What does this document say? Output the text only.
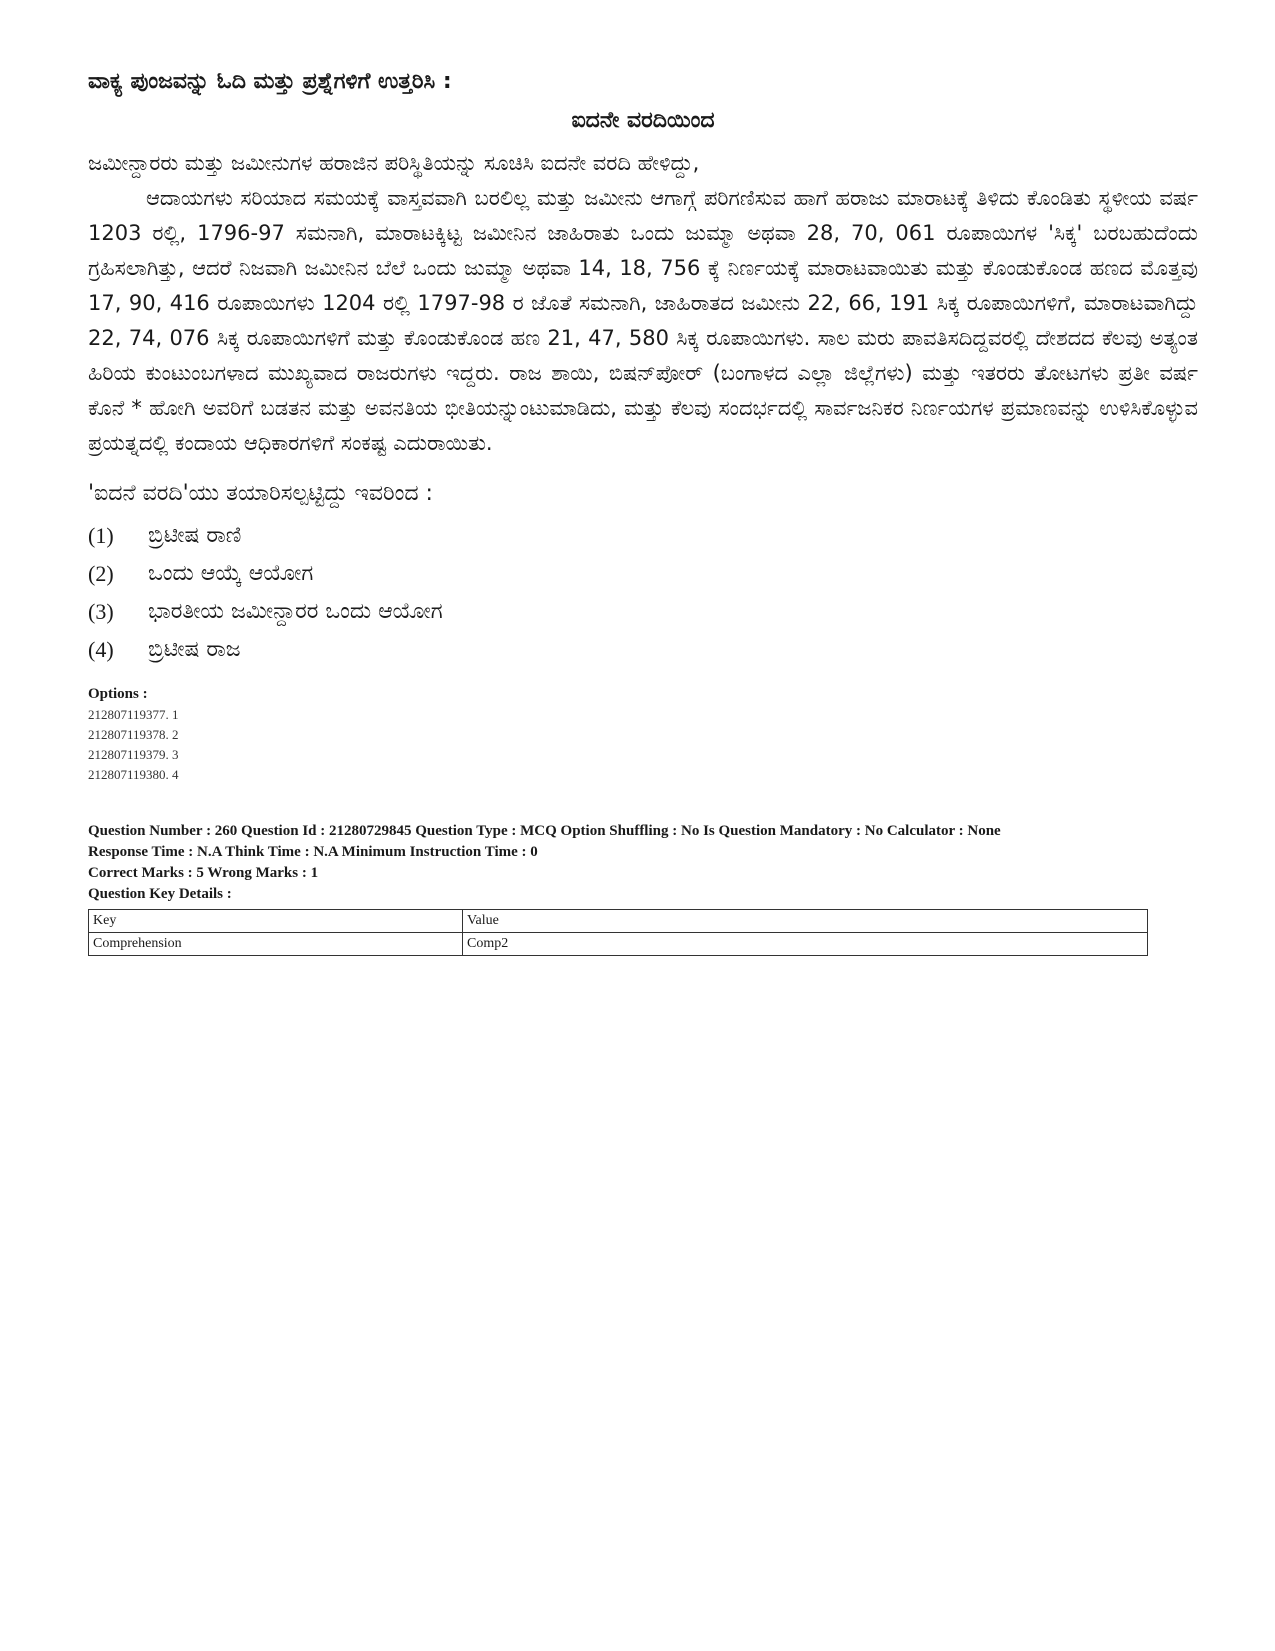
ವಾಕ್ಯ ಪುಂಜವನ್ನು ಓದಿ ಮತ್ತು ಪ್ರಶ್ನೆಗಳಿಗೆ ಉತ್ತರಿಸಿ :

ಐದನೇ ವರದಿಯಿಂದ

ಜಮೀನ್ದಾರರು ಮತ್ತು ಜಮೀನುಗಳ ಹರಾಜಿನ ಪರಿಸ್ಥಿತಿಯನ್ನು ಸೂಚಿಸಿ ಐದನೇ ವರದಿ ಹೇಳಿದ್ದು,

ಆದಾಯಗಳು ಸರಿಯಾದ ಸಮಯಕ್ಕೆ ವಾಸ್ತವವಾಗಿ ಬರಲಿಲ್ಲ ಮತ್ತು ಜಮೀನು ಆಗಾಗ್ಗೆ ಪರಿಗಣಿಸುವ ಹಾಗೆ ಹರಾಜು ಮಾರಾಟಕ್ಕೆ ತಿಳಿದು ಕೊಂಡಿತು ಸ್ಥಳೀಯ ವರ್ಷ 1203 ರಲ್ಲಿ, 1796-97 ಸಮನಾಗಿ, ಮಾರಾಟಕ್ಕಿಟ್ಟ ಜಮೀನಿನ ಜಾಹಿರಾತು ಒಂದು ಜುಮ್ಮಾ ಅಥವಾ 28, 70, 061 ರೂಪಾಯಿಗಳ 'ಸಿಕ್ಕ' ಬರಬಹುದೆಂದು ಗ್ರಹಿಸಲಾಗಿತ್ತು, ಆದರೆ ನಿಜವಾಗಿ ಜಮೀನಿನ ಬೆಲೆ ಒಂದು ಜುಮ್ಮಾ ಅಥವಾ 14, 18, 756 ಕ್ಕೆ ನಿರ್ಣಯಕ್ಕೆ ಮಾರಾಟವಾಯಿತು ಮತ್ತು ಕೊಂಡುಕೊಂಡ ಹಣದ ಮೊತ್ತವು 17, 90, 416 ರೂಪಾಯಿಗಳು 1204 ರಲ್ಲಿ 1797-98 ರ ಜೊತೆ ಸಮನಾಗಿ, ಜಾಹಿರಾತದ ಜಮೀನು 22, 66, 191 ಸಿಕ್ಕ ರೂಪಾಯಿಗಳಿಗೆ, ಮಾರಾಟವಾಗಿದ್ದು 22, 74, 076 ಸಿಕ್ಕ ರೂಪಾಯಿಗಳಿಗೆ ಮತ್ತು ಕೊಂಡುಕೊಂಡ ಹಣ 21, 47, 580 ಸಿಕ್ಕ ರೂಪಾಯಿಗಳು. ಸಾಲ ಮರು ಪಾವತಿಸದಿದ್ದವರಲ್ಲಿ ದೇಶದದ ಕೆಲವು ಅತ್ಯಂತ ಹಿರಿಯ ಕುಂಟುಂಬಗಳಾದ ಮುಖ್ಯವಾದ ರಾಜರುಗಳು ಇದ್ದರು. ರಾಜ ಶಾಯಿ, ಬಿಷನ್‌ಪೋರ್ (ಬಂಗಾಳದ ಎಲ್ಲಾ ಜಿಲ್ಲೆಗಳು) ಮತ್ತು ಇತರರು ತೋಟಗಳು ಪ್ರತೀ ವರ್ಷ ಕೊನೆ * ಹೋಗಿ ಅವರಿಗೆ ಬಡತನ ಮತ್ತು ಅವನತಿಯ ಭೀತಿಯನ್ನುಂಟುಮಾಡಿದು, ಮತ್ತು ಕೆಲವು ಸಂದರ್ಭದಲ್ಲಿ ಸಾರ್ವಜನಿಕರ ನಿರ್ಣಯಗಳ ಪ್ರಮಾಣವನ್ನು ಉಳಿಸಿಕೊಳ್ಳುವ ಪ್ರಯತ್ನದಲ್ಲಿ ಕಂದಾಯ ಆಧಿಕಾರಗಳಿಗೆ ಸಂಕಷ್ಟ ಎದುರಾಯಿತು.

'ಐದನೆ ವರದಿ'ಯು ತಯಾರಿಸಲ್ಪಟ್ಟಿದ್ದು ಇವರಿಂದ :

(1)	ಬ್ರಿಟೀಷ ರಾಣಿ
(2)	ಒಂದು ಆಯ್ಕೆ ಆಯೋಗ
(3)	ಭಾರತೀಯ ಜಮೀನ್ದಾರರ ಒಂದು ಆಯೋಗ
(4)	ಬ್ರಿಟೀಷ ರಾಜ
Options :
212807119377. 1
212807119378. 2
212807119379. 3
212807119380. 4

Question Number : 260 Question Id : 21280729845 Question Type : MCQ Option Shuffling : No Is Question Mandatory : No Calculator : None

Response Time : N.A Think Time : N.A Minimum Instruction Time : 0

Correct Marks : 5 Wrong Marks : 1

Question Key Details :

Key	Value
Comprehension	Comp2
